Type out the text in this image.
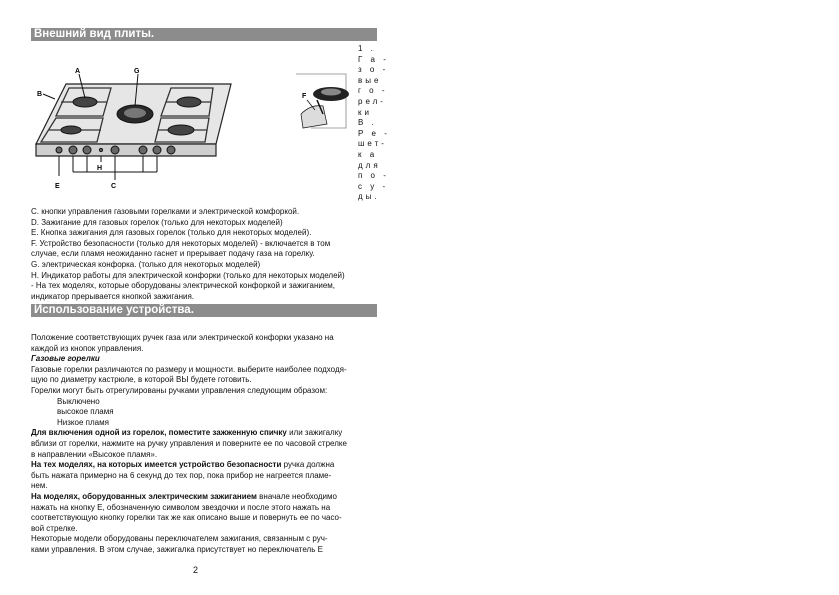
Внешний вид плиты.
A	G
B
H
E	C
F
1 .
Г а -
з о -
вые
г о -
рел-
ки
B .
Р е -
шет-
к а
для
п о -
с у -
ды.

C. кнопки управления газовыми горелками и электрической комфоркой.

D. Зажигание для газовых горелок (только для некоторых моделей)

E. Кнопка зажигания для газовых горелок (только для некоторых моделей).

F. Устройство безопасности (только для некоторых моделей) - включается в том

случае, если пламя неожиданно гаснет и прерывает подачу газа на горелку.

G. электрическая конфорка. (только для некоторых моделей)

H. Индикатор работы для электрической конфорки (только для некоторых моделей)

- На тех моделях, которые оборудованы электрической конфоркой и зажиганием,

индикатор прерывается кнопкой зажигания.

Использование устройства.

Положение соответствующих ручек газа или электрической конфорки указано на

каждой из кнопок управления.

Газовые горелки

Газовые горелки различаются по размеру и мощности. выберите наиболее подходя-

щую по диаметру кастрюле, в которой ВЫ будете готовить.

Горелки могут быть отрегулированы ручками управления следующим образом:

Выключено

высокое пламя

Низкое пламя

Для включения одной из горелок, поместите зажженную спичку или зажигалку

вблизи от горелки, нажмите на ручку управления и поверните ее по часовой стрелке

в направлении «Высокое пламя».

На тех моделях, на которых имеется устройство безопасности ручка должна

быть нажата примерно на 6 секунд до тех пор, пока прибор не нагреется пламе-

нем.

На моделях, оборудованных электрическим зажиганием вначале необходимо

нажать на кнопку E, обозначенную символом звездочки и после этого нажать на

соответствующую кнопку горелки так же как описано выше и повернуть ее по часо-

вой стрелке.

Некоторые модели оборудованы переключателем зажигания, связанным с руч-

ками управления. В этом случае, зажигалка присутствует но переключатель E

2
